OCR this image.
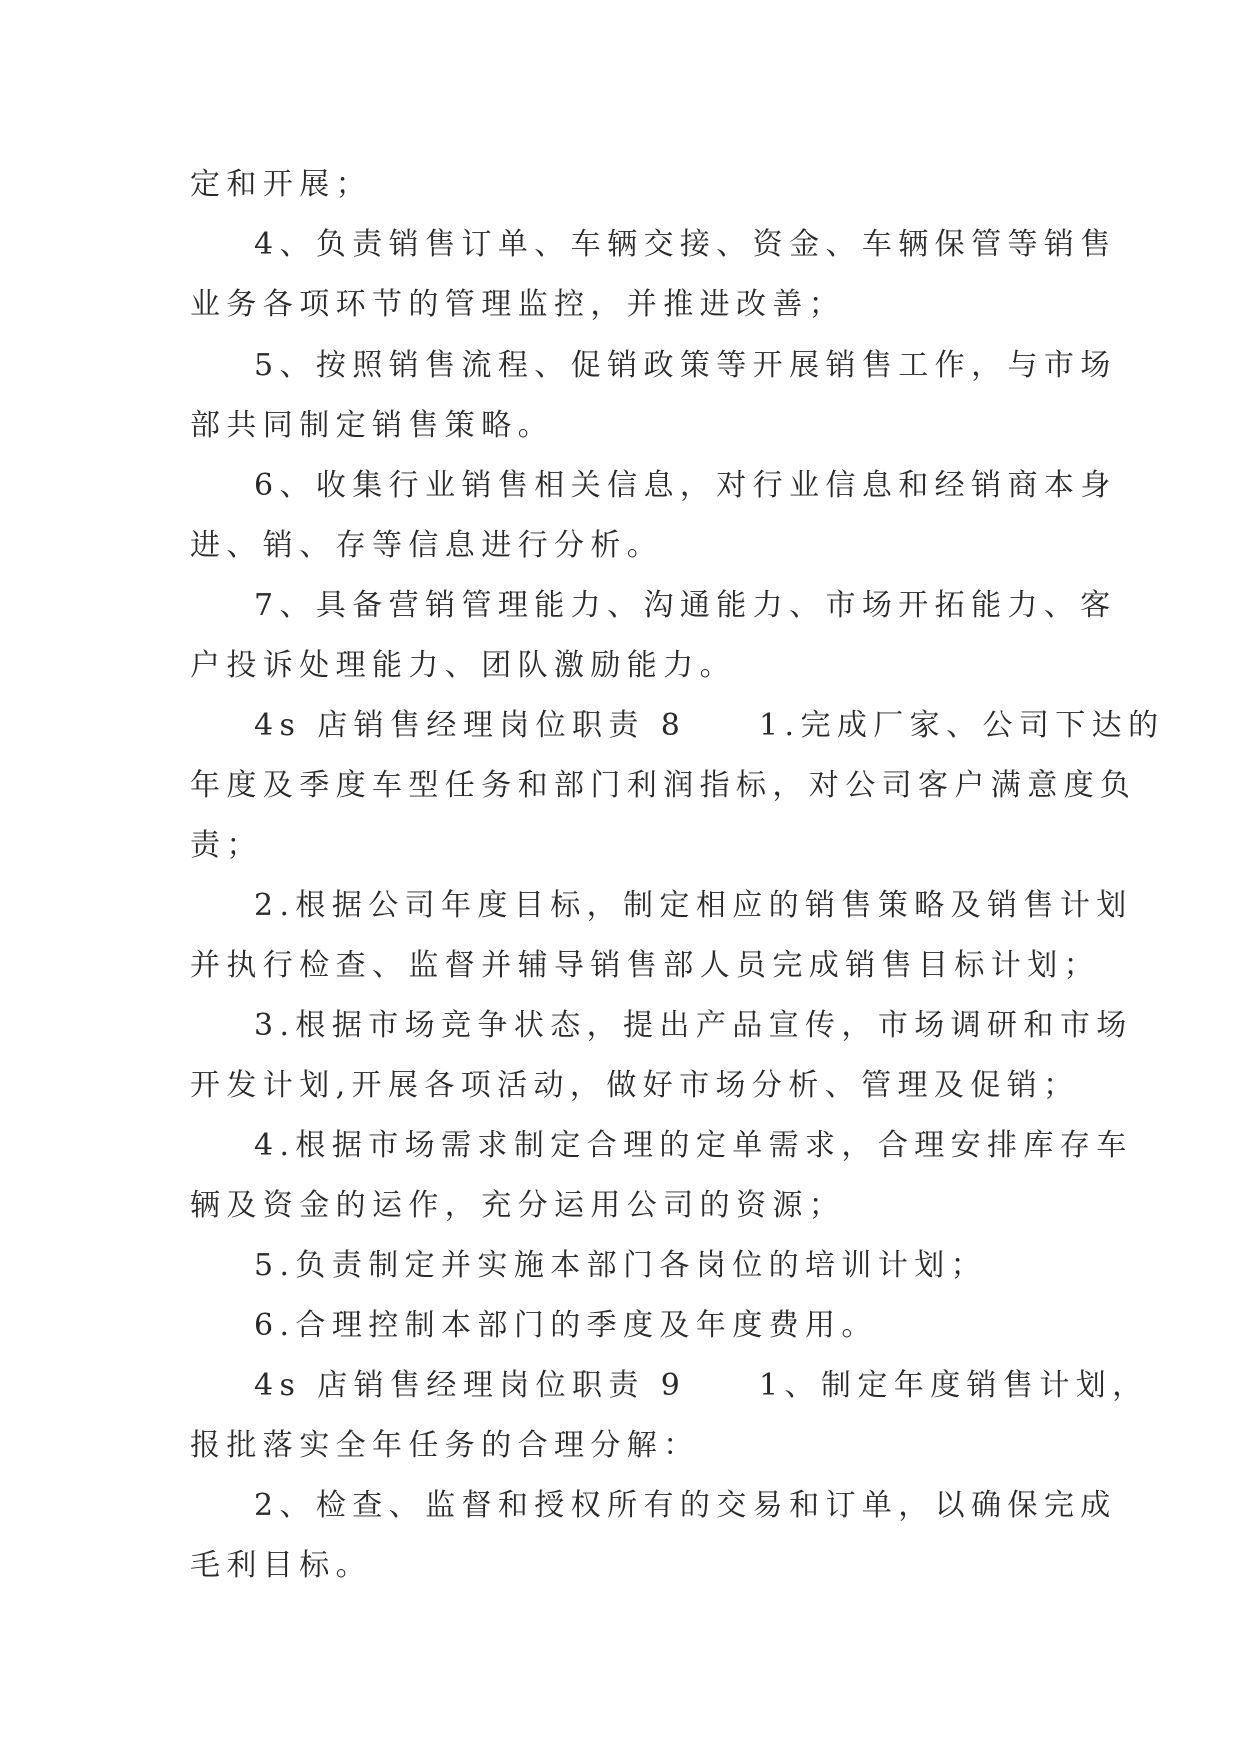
定和开展；
4、负责销售订单、车辆交接、资金、车辆保管等销售
业务各项环节的管理监控，并推进改善；
5、按照销售流程、促销政策等开展销售工作，与市场
部共同制定销售策略。
6、收集行业销售相关信息，对行业信息和经销商本身
进、销、存等信息进行分析。
7、具备营销管理能力、沟通能力、市场开拓能力、客
户投诉处理能力、团队激励能力。
4s 店销售经理岗位职责 8　　1.完成厂家、公司下达的
年度及季度车型任务和部门利润指标，对公司客户满意度负
责；
2.根据公司年度目标，制定相应的销售策略及销售计划
并执行检查、监督并辅导销售部人员完成销售目标计划；
3.根据市场竞争状态，提出产品宣传，市场调研和市场
开发计划,开展各项活动，做好市场分析、管理及促销；
4.根据市场需求制定合理的定单需求，合理安排库存车
辆及资金的运作，充分运用公司的资源；
5.负责制定并实施本部门各岗位的培训计划；
6.合理控制本部门的季度及年度费用。
4s 店销售经理岗位职责 9　　1、制定年度销售计划，
报批落实全年任务的合理分解：
2、检查、监督和授权所有的交易和订单，以确保完成
毛利目标。
